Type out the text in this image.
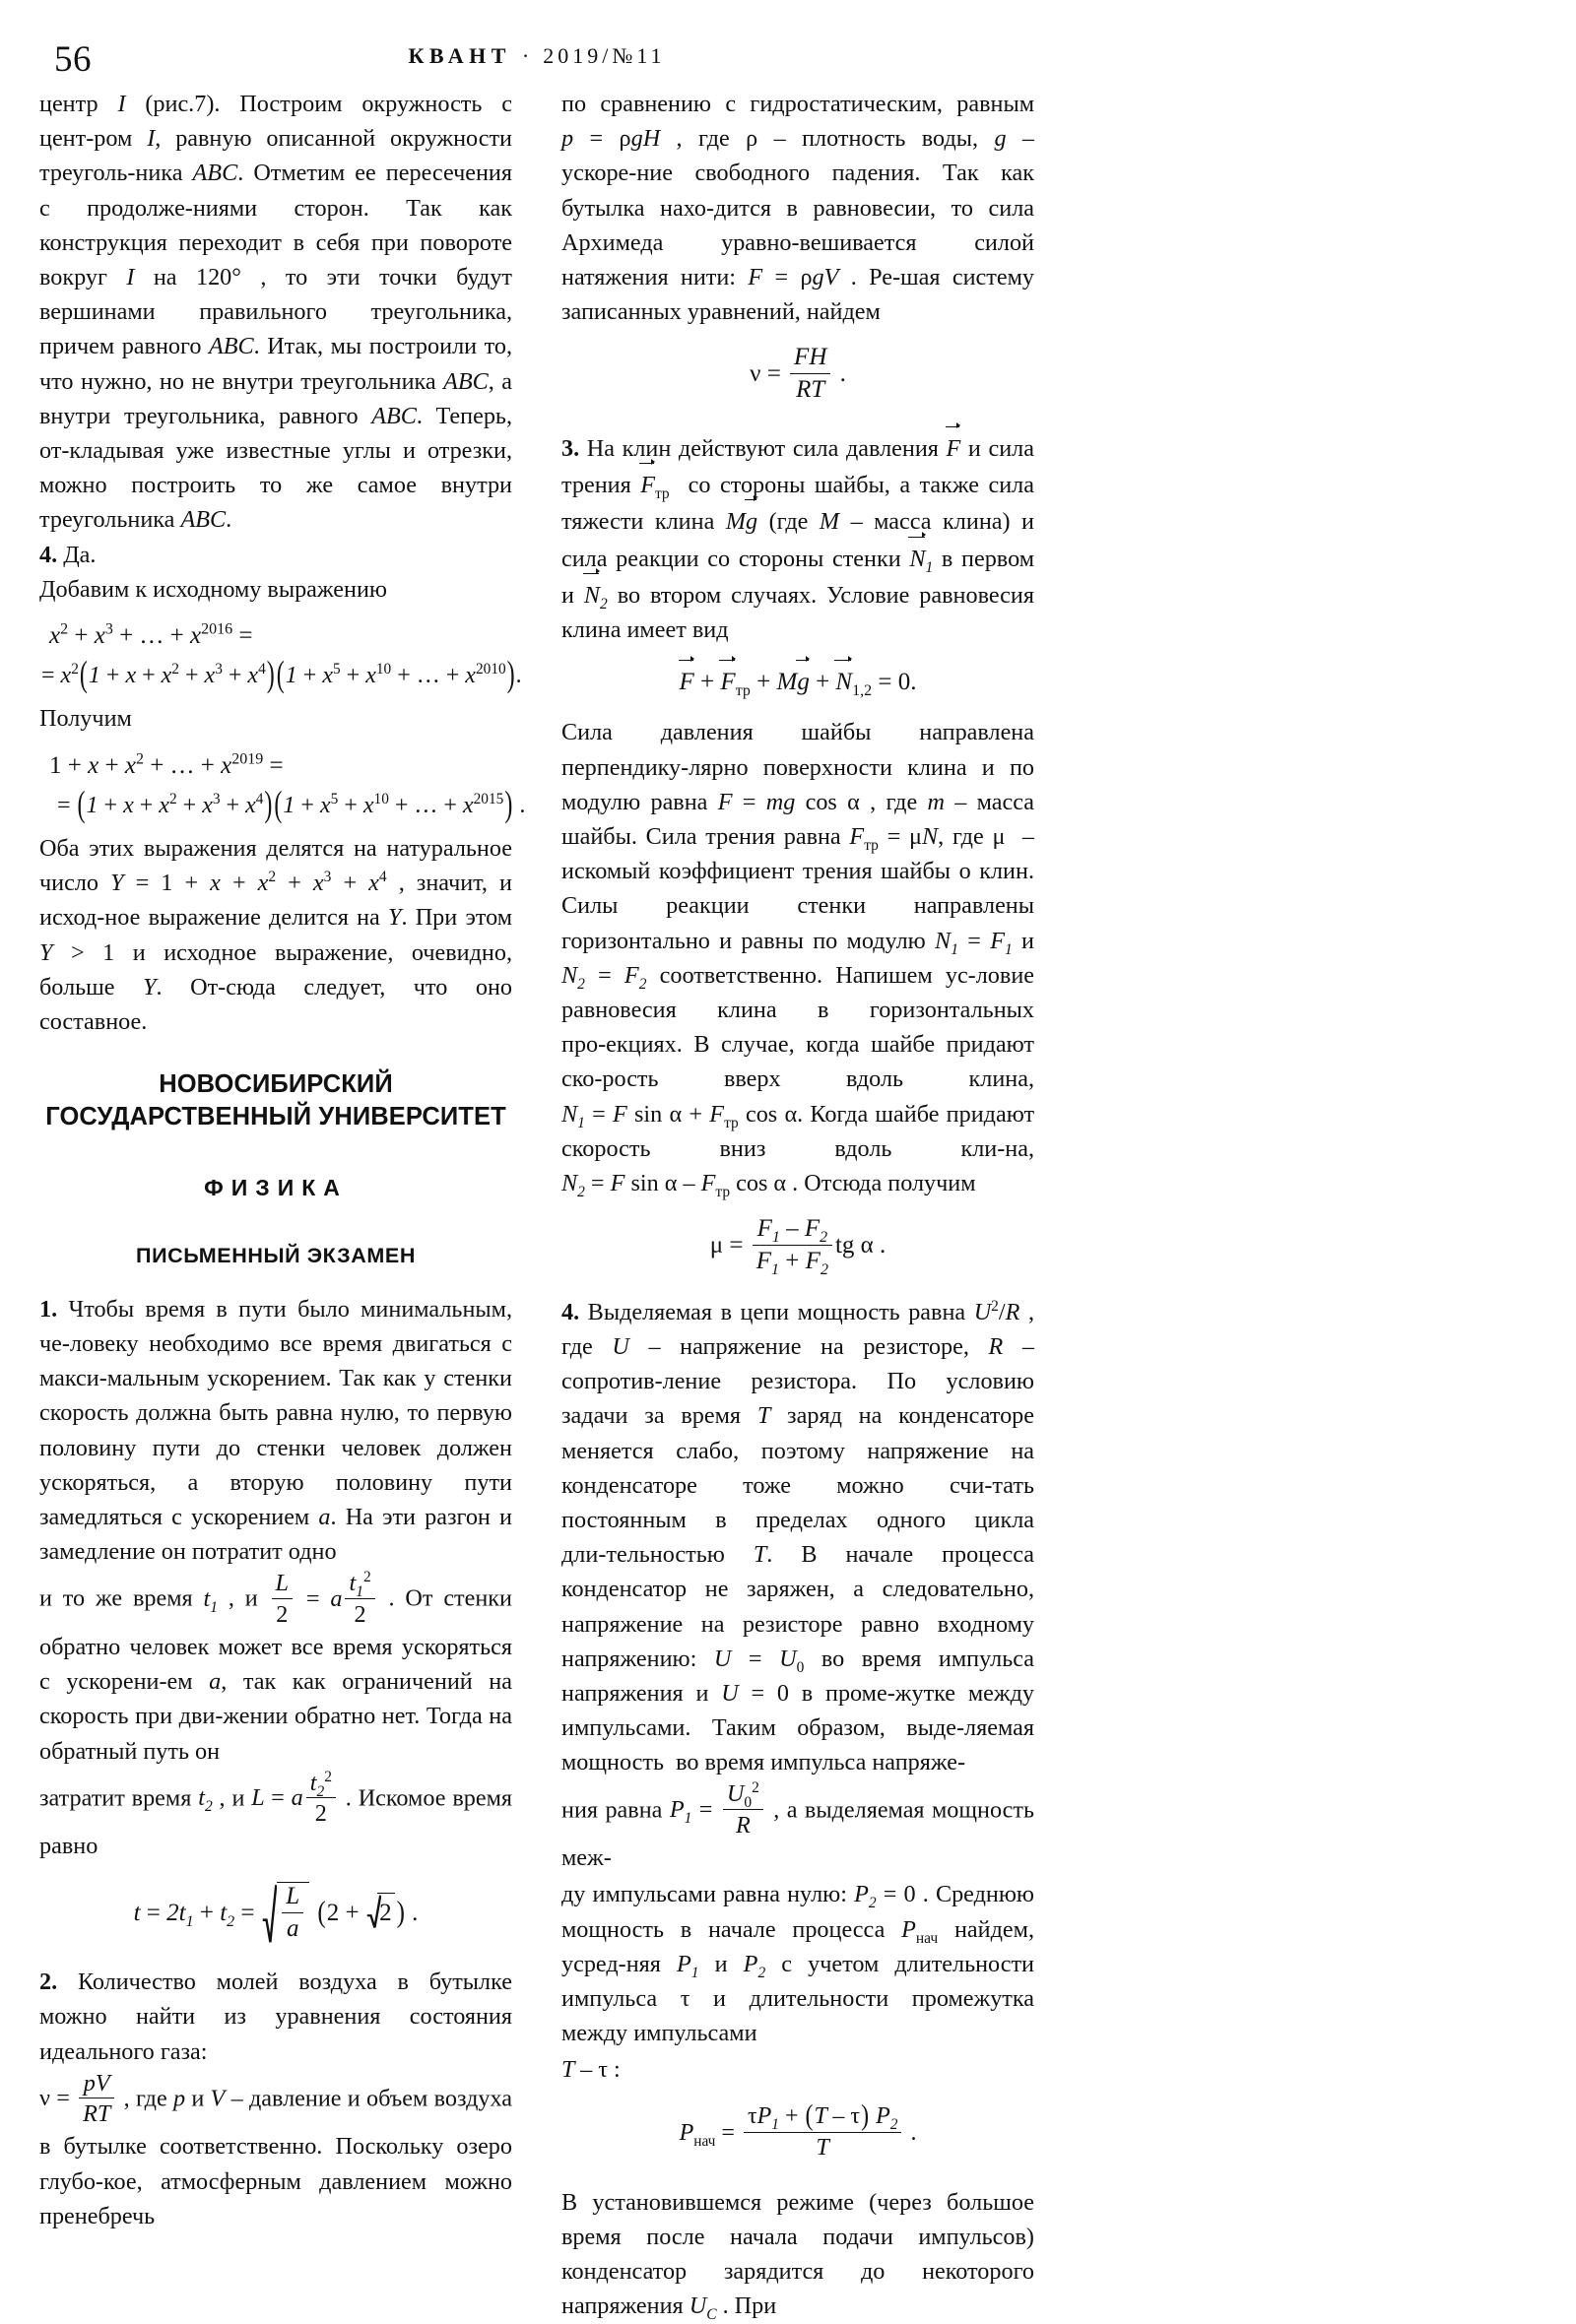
56	КВАНТ · 2019/№11

центр I (рис.7). Построим окружность с цент‑ром I, равную описанной окружности треуголь‑ника ABC. Отметим ее пересечения с продолже‑ниями сторон. Так как конструкция переходит в себя при повороте вокруг I на 120° , то эти точки будут вершинами правильного треугольника, причем равного ABC. Итак, мы построили то, что нужно, но не внутри треугольника ABC, а внутри треугольника, равного ABC. Теперь, от‑кладывая уже известные углы и отрезки, можно построить то же самое внутри треугольника ABC.

4. Да.

Добавим к исходному выражению

$x^2 + x^3$ + … + $x^{2016}$ =
= $x^2(1 + x + x^2 + x^3 + x^4)(1 + x^5 + x^{10}$ + … + $x^{2010}$).

Получим

$1 + x + x^2$ + … + $x^{2019}$ =
= $(1 + x + x^2 + x^3 + x^4)(1 + x^5 + x^{10}$ + … + $x^{2015}$) .

Оба этих выражения делятся на натуральное число $Y = 1 + x + x^2 + x^3 + x^4$ , значит, и исход‑ное выражение делится на Y. При этом Y > 1 и исходное выражение, очевидно, больше Y. От‑сюда следует, что оно составное.

НОВОСИБИРСКИЙ ГОСУДАРСТВЕННЫЙ УНИВЕРСИТЕТ
ФИЗИКА
ПИСЬМЕННЫЙ ЭКЗАМЕН

1. Чтобы время в пути было минимальным, че‑ловеку необходимо все время двигаться с макси‑мальным ускорением. Так как у стенки скорость должна быть равна нулю, то первую половину пути до стенки человек должен ускоряться, а вторую половину пути замедляться с ускорением a. На эти разгон и замедление он потратит одно

и то же время $t_1$ , и $\frac{L}{2} = a \frac{t_1^2}{2}$ . От стенки обратно человек может все время ускоряться с ускорени‑ем a, так как ограничений на скорость при дви‑жении обратно нет. Тогда на обратный путь он

затратит время $t_2$ , и L = a $\frac{t_2^2}{2}$ . Искомое время равно

$t = 2t_1 + t_2 = \frac{L}{a} (2 + 2$ ) .

2. Количество молей воздуха в бутылке можно найти из уравнения состояния идеального газа:

$\nu = \frac{pV}{RT}$ , где p и V – давление и объем воздуха в бутылке соответственно. Поскольку озеро глубо‑кое, атмосферным давлением можно пренебречь

по сравнению с гидростатическим, равным p = ρgH , где ρ – плотность воды, g – ускоре‑ние свободного падения. Так как бутылка нахо‑дится в равновесии, то сила Архимеда уравно‑вешивается силой натяжения нити: F = ρgV . Ре‑шая систему записанных уравнений, найдем

$\nu = \frac{FH}{RT}$ .

3. На клин действуют сила давления F и сила трения $F_{тр}$  со стороны шайбы, а также сила тяжести клина Mg (где M – масса клина) и сила реакции со стороны стенки $N_1$ в первом и $N_2$ во втором случаях. Условие равновесия клина имеет вид

$F + F_{тр} + Mg + N_{1,2} = 0$.

Сила давления шайбы направлена перпендику‑лярно поверхности клина и по модулю равна F = mg cos α , где m – масса шайбы. Сила трения равна $F_{тр} = \mu N$, где μ  – искомый коэффициент трения шайбы о клин. Силы реакции стенки направлены горизонтально и равны по модулю $N_1 = F_1$ и $N_2 = F_2$ соответственно. Напишем ус‑ловие равновесия клина в горизонтальных про‑екциях. В случае, когда шайбе придают ско‑рость вверх вдоль клина, $N_1 = F$ $\sin \alpha + F_{тр}$ cos α. Когда шайбе придают скорость вниз вдоль кли‑на, $N_2 = F$ sin α – $F_{тр}$ cos α . Отсюда получим

$\mu = \frac{F_1 - F_2}{F_1 + F_2}$ tg α .

4. Выделяемая в цепи мощность равна $U^2/R$ , где U – напряжение на резисторе, R – сопротив‑ление резистора. По условию задачи за время T заряд на конденсаторе меняется слабо, поэтому напряжение на конденсаторе тоже можно счи‑тать постоянным в пределах одного цикла дли‑тельностью T. В начале процесса конденсатор не заряжен, а следовательно, напряжение на резисторе равно входному напряжению: $U = U_0$ во время импульса напряжения и U = 0 в проме‑жутке между импульсами. Таким образом, выде‑ляемая мощность  во время импульса напряже‑

ния равна $P_1 = \frac{U_0^2}{R}$ , а выделяемая мощность меж‑

ду импульсами равна нулю: $P_2 = 0$ . Среднюю мощность в начале процесса $P_{нач}$ найдем, усред‑няя $P_1$ и $P_2$ с учетом длительности импульса τ и длительности промежутка между импульсами

T – τ :

$P_{нач} = \frac{\tau P_1 + (T - \tau) P_2}{T}$ .

В установившемся режиме (через большое время после начала подачи импульсов) конденсатор зарядится до некоторого напряжения $U_C$ . При
